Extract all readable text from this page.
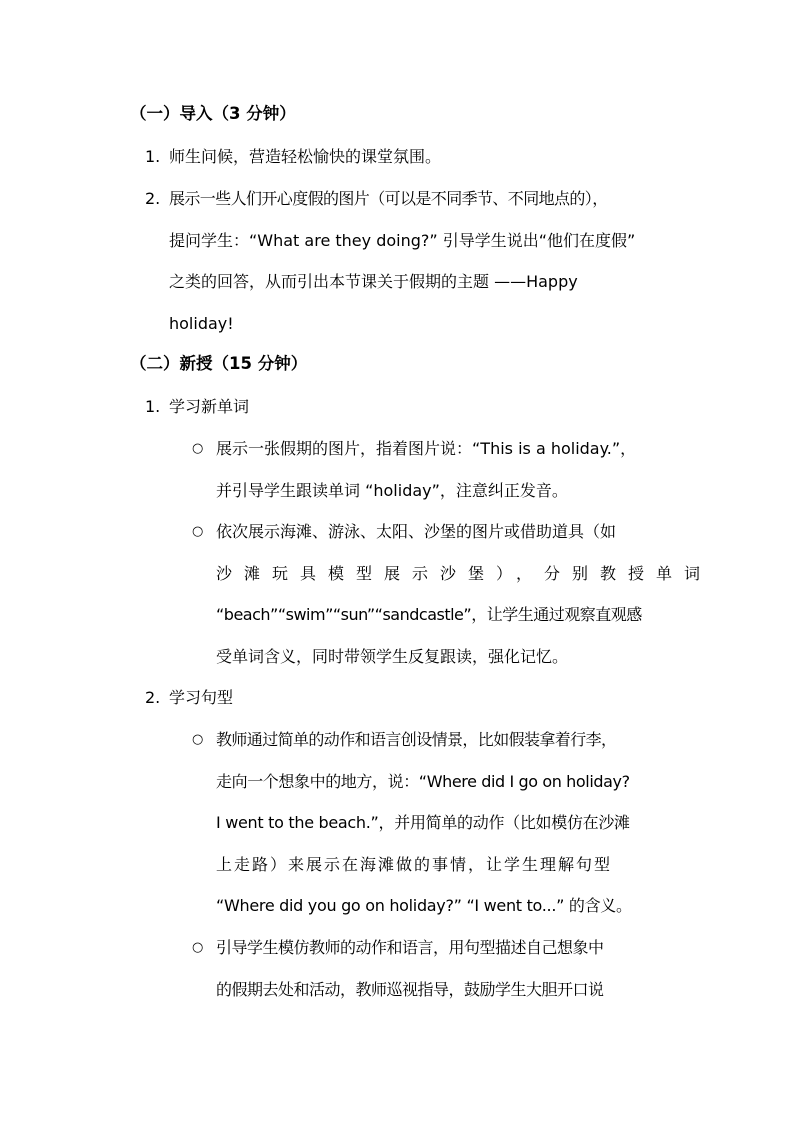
（一）导入（3 分钟）
1. 师生问候，营造轻松愉快的课堂氛围。
2. 展示一些人们开心度假的图片（可以是不同季节、不同地点的），
提问学生：“What are they doing?” 引导学生说出“他们在度假”
之类的回答，从而引出本节课关于假期的主题 ——Happy
holiday!
（二）新授（15 分钟）
1. 学习新单词
○ 展示一张假期的图片，指着图片说：“This is a holiday.”，
并引导学生跟读单词 “holiday”，注意纠正发音。
○ 依次展示海滩、游泳、太阳、沙堡的图片或借助道具（如
沙滩玩具模型展示沙堡），分别教授单词
“beach”“swim”“sun”“sandcastle”，让学生通过观察直观感
受单词含义，同时带领学生反复跟读，强化记忆。
2. 学习句型
○ 教师通过简单的动作和语言创设情景，比如假装拿着行李，
走向一个想象中的地方，说：“Where did I go on holiday?
I went to the beach.”，并用简单的动作（比如模仿在沙滩
上走路）来展示在海滩做的事情，让学生理解句型
“Where did you go on holiday?” “I went to...” 的含义。
○ 引导学生模仿教师的动作和语言，用句型描述自己想象中
的假期去处和活动，教师巡视指导，鼓励学生大胆开口说
